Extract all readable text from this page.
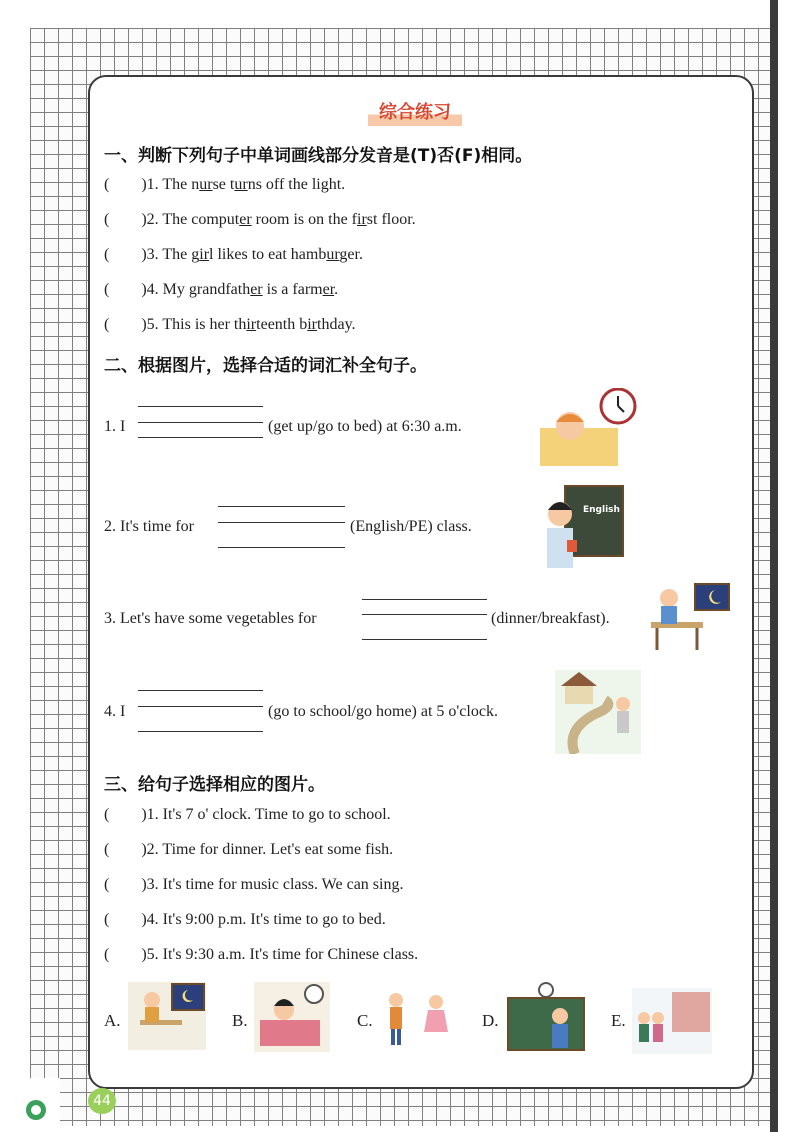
综合练习
一、判断下列句子中单词画线部分发音是(T)否(F)相同。
(        )1. The nurse turns off the light.
(        )2. The computer room is on the first floor.
(        )3. The girl likes to eat hamburger.
(        )4. My grandfather is a farmer.
(        )5. This is her thirteenth birthday.
二、根据图片，选择合适的词汇补全句子。
1. I	(get up/go to bed) at 6:30 a.m.
2. It's time for	(English/PE) class.
English
3. Let's have some vegetables for	(dinner/breakfast).
4. I	(go to school/go home) at 5 o'clock.
三、给句子选择相应的图片。
(        )1. It's 7 o' clock. Time to go to school.
(        )2. Time for dinner. Let's eat some fish.
(        )3. It's time for music class. We can sing.
(        )4. It's 9:00 p.m. It's time to go to bed.
(        )5. It's 9:30 a.m. It's time for Chinese class.
A.	B.	C.	D.	E.
44
